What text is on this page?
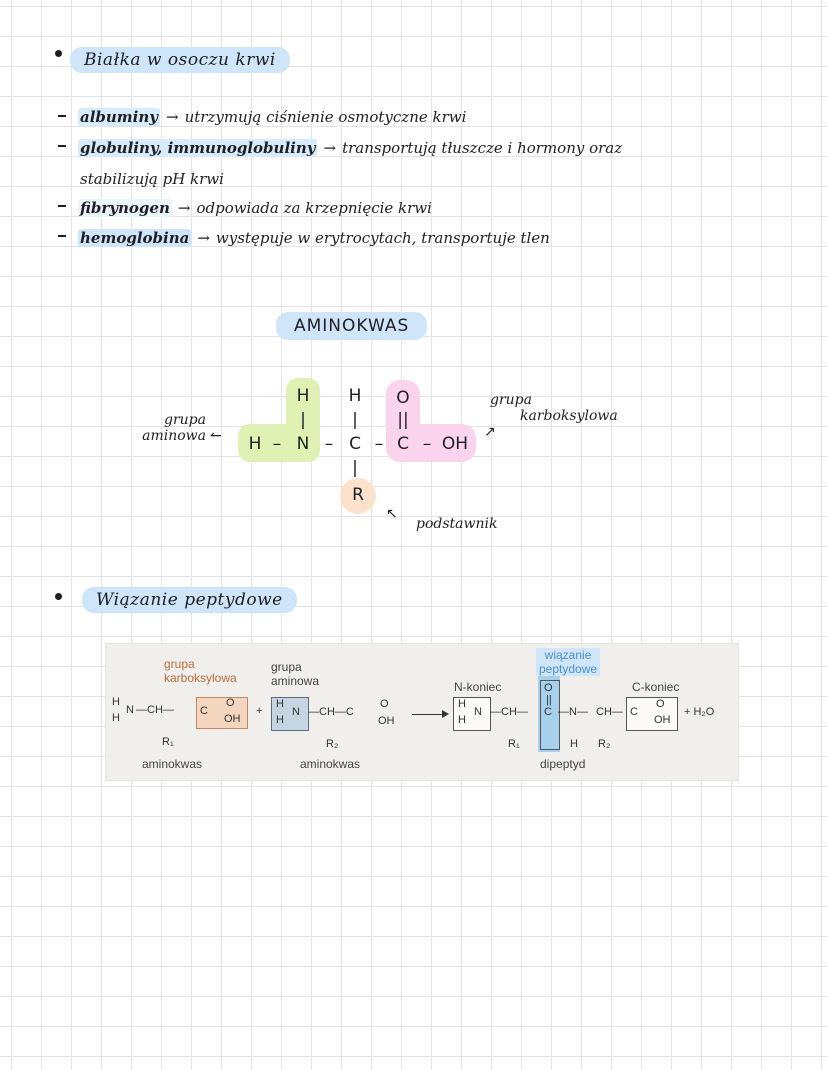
Białka w osoczu krwi
albuminy → utrzymują ciśnienie osmotyczne krwi
globuliny, immunoglobuliny → transportują tłuszcze i hormony oraz
stabilizują pH krwi
fibrynogen → odpowiada za krzepnięcie krwi
hemoglobina → występuje w erytrocytach, transportuje tlen
AMINOKWAS
H
|
H – N –
H
|
C
|
R
–
O
||
C – OH
grupa
aminowa ↼
grupa
karboksylowa
↗
↖
podstawnik
Wiązanie peptydowe
grupa
karboksylowa
grupa
aminowa	N-koniec
wiązanie
peptydowe
C-koniec
H
H
N —CH—
R₁
C
O
OH
aminokwas
+
H
H
N —CH—C
O
OH
R₂
aminokwas
H
H
N —CH—
R₁
O
||
C —N—
H
CH—
R₂
C
O
OH
+ H₂O
dipeptyd
